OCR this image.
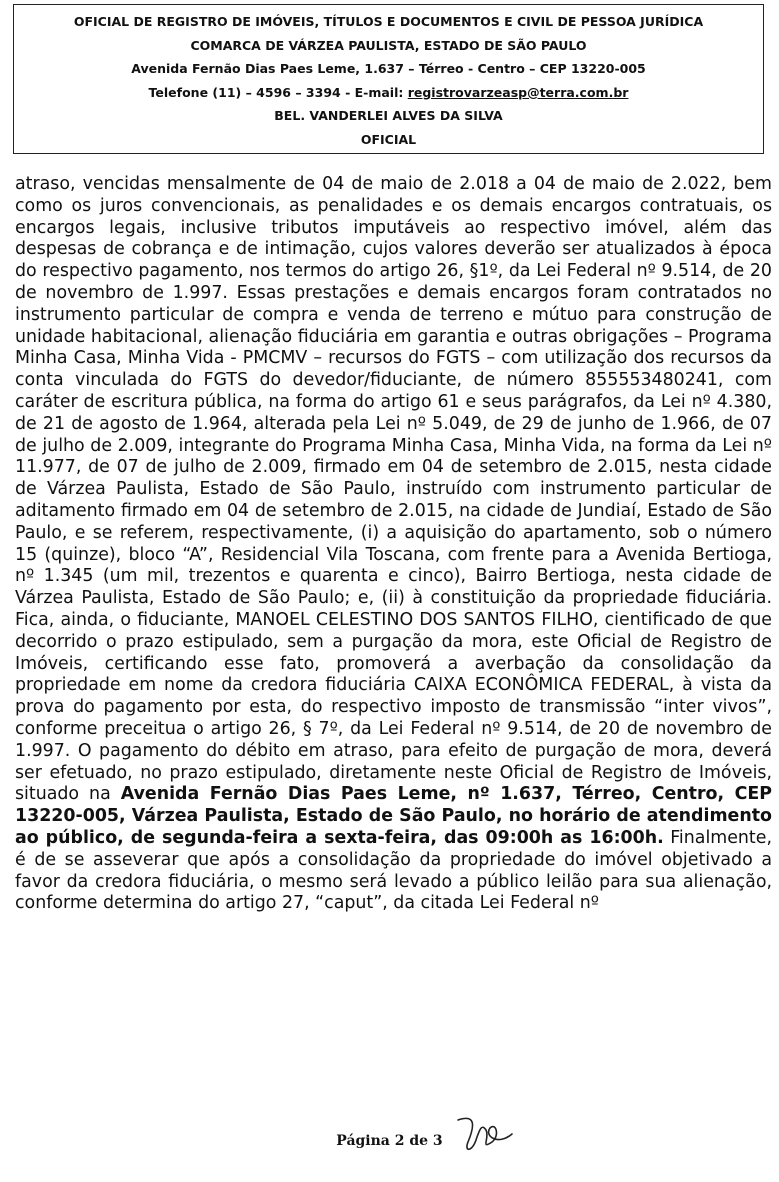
OFICIAL DE REGISTRO DE IMÓVEIS, TÍTULOS E DOCUMENTOS E CIVIL DE PESSOA JURÍDICA
COMARCA DE VÁRZEA PAULISTA, ESTADO DE SÃO PAULO
Avenida Fernão Dias Paes Leme, 1.637 – Térreo - Centro – CEP 13220-005
Telefone (11) – 4596 – 3394 - E-mail: registrovarzeasp@terra.com.br
BEL. VANDERLEI ALVES DA SILVA
OFICIAL
atraso, vencidas mensalmente de 04 de maio de 2.018 a 04 de maio de 2.022, bem como os juros convencionais, as penalidades e os demais encargos contratuais, os encargos legais, inclusive tributos imputáveis ao respectivo imóvel, além das despesas de cobrança e de intimação, cujos valores deverão ser atualizados à época do respectivo pagamento, nos termos do artigo 26, §1º, da Lei Federal nº 9.514, de 20 de novembro de 1.997. Essas prestações e demais encargos foram contratados no instrumento particular de compra e venda de terreno e mútuo para construção de unidade habitacional, alienação fiduciária em garantia e outras obrigações – Programa Minha Casa, Minha Vida - PMCMV – recursos do FGTS – com utilização dos recursos da conta vinculada do FGTS do devedor/fiduciante, de número 855553480241, com caráter de escritura pública, na forma do artigo 61 e seus parágrafos, da Lei nº 4.380, de 21 de agosto de 1.964, alterada pela Lei nº 5.049, de 29 de junho de 1.966, de 07 de julho de 2.009, integrante do Programa Minha Casa, Minha Vida, na forma da Lei nº 11.977, de 07 de julho de 2.009, firmado em 04 de setembro de 2.015, nesta cidade de Várzea Paulista, Estado de São Paulo, instruído com instrumento particular de aditamento firmado em 04 de setembro de 2.015, na cidade de Jundiaí, Estado de São Paulo, e se referem, respectivamente, (i) a aquisição do apartamento, sob o número 15 (quinze), bloco “A”, Residencial Vila Toscana, com frente para a Avenida Bertioga, nº 1.345 (um mil, trezentos e quarenta e cinco), Bairro Bertioga, nesta cidade de Várzea Paulista, Estado de São Paulo; e, (ii) à constituição da propriedade fiduciária. Fica, ainda, o fiduciante, MANOEL CELESTINO DOS SANTOS FILHO, cientificado de que decorrido o prazo estipulado, sem a purgação da mora, este Oficial de Registro de Imóveis, certificando esse fato, promoverá a averbação da consolidação da propriedade em nome da credora fiduciária CAIXA ECONÔMICA FEDERAL, à vista da prova do pagamento por esta, do respectivo imposto de transmissão “inter vivos”, conforme preceitua o artigo 26, § 7º, da Lei Federal nº 9.514, de 20 de novembro de 1.997. O pagamento do débito em atraso, para efeito de purgação de mora, deverá ser efetuado, no prazo estipulado, diretamente neste Oficial de Registro de Imóveis, situado na Avenida Fernão Dias Paes Leme, nº 1.637, Térreo, Centro, CEP 13220-005, Várzea Paulista, Estado de São Paulo, no horário de atendimento ao público, de segunda-feira a sexta-feira, das 09:00h as 16:00h. Finalmente, é de se asseverar que após a consolidação da propriedade do imóvel objetivado a favor da credora fiduciária, o mesmo será levado a público leilão para sua alienação, conforme determina do artigo 27, “caput”, da citada Lei Federal nº
Página 2 de 3
